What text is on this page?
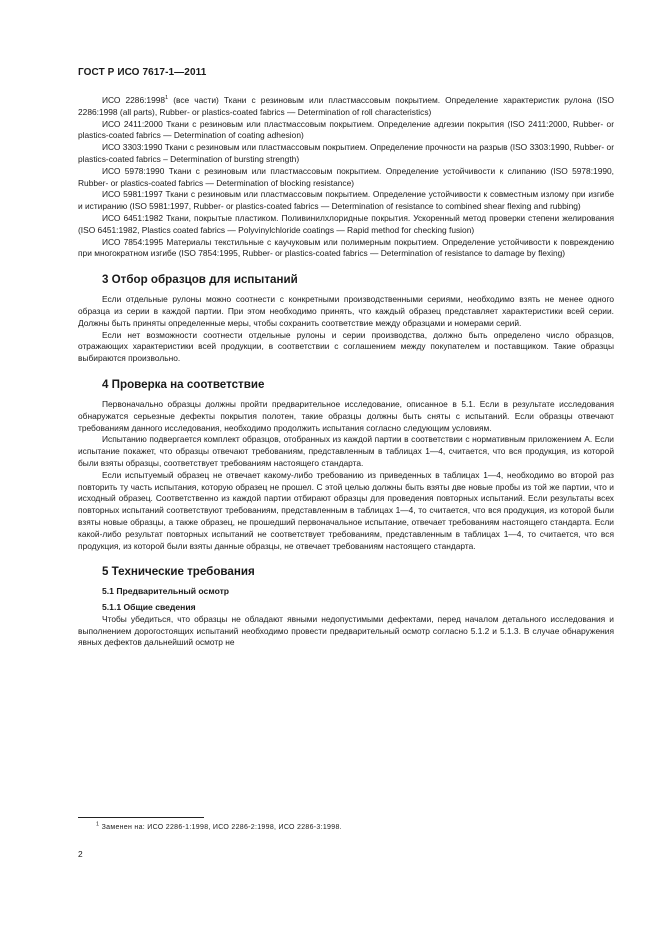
ГОСТ Р ИСО 7617-1—2011

ИСО 2286:1998$^1$ (все части) Ткани с резиновым или пластмассовым покрытием. Определение характеристик рулона (ISO 2286:1998 (all parts), Rubber- or plastics-coated fabrics — Determination of roll characteristics)

ИСО 2411:2000 Ткани с резиновым или пластмассовым покрытием. Определение адгезии покрытия (ISO 2411:2000, Rubber- or plastics-coated fabrics — Determination of coating adhesion)

ИСО 3303:1990 Ткани с резиновым или пластмассовым покрытием. Определение прочности на разрыв (ISO 3303:1990, Rubber- or plastics-coated fabrics – Determination of bursting strength)

ИСО 5978:1990 Ткани с резиновым или пластмассовым покрытием. Определение устойчивости к слипанию (ISO 5978:1990, Rubber- or plastics-coated fabrics — Determination of blocking resistance)

ИСО 5981:1997 Ткани с резиновым или пластмассовым покрытием. Определение устойчивости к совместным излому при изгибе и истиранию (ISO 5981:1997, Rubber- or plastics-coated fabrics — Determination of resistance to combined shear flexing and rubbing)

ИСО 6451:1982 Ткани, покрытые пластиком. Поливинилхлоридные покрытия. Ускоренный метод проверки степени желирования (ISO 6451:1982, Plastics coated fabrics — Polyvinylchloride coatings — Rapid method for checking fusion)

ИСО 7854:1995 Материалы текстильные с каучуковым или полимерным покрытием. Определение устойчивости к повреждению при многократном изгибе (ISO 7854:1995, Rubber- or plastics-coated fabrics — Determination of resistance to damage by flexing)

3 Отбор образцов для испытаний

Если отдельные рулоны можно соотнести с конкретными производственными сериями, необходимо взять не менее одного образца из серии в каждой партии. При этом необходимо принять, что каждый образец представляет характеристики всей серии. Должны быть приняты определенные меры, чтобы сохранить соответствие между образцами и номерами серий.

Если нет возможности соотнести отдельные рулоны и серии производства, должно быть определено число образцов, отражающих характеристики всей продукции, в соответствии с соглашением между покупателем и поставщиком. Такие образцы выбираются произвольно.

4 Проверка на соответствие

Первоначально образцы должны пройти предварительное исследование, описанное в 5.1. Если в результате исследования обнаружатся серьезные дефекты покрытия полотен, такие образцы должны быть сняты с испытаний. Если образцы отвечают требованиям данного исследования, необходимо продолжить испытания согласно следующим условиям.

Испытанию подвергается комплект образцов, отобранных из каждой партии в соответствии с нормативным приложением А. Если испытание покажет, что образцы отвечают требованиям, представленным в таблицах 1—4, считается, что вся продукция, из которой были взяты образцы, соответствует требованиям настоящего стандарта.

Если испытуемый образец не отвечает какому-либо требованию из приведенных в таблицах 1—4, необходимо во второй раз повторить ту часть испытания, которую образец не прошел. С этой целью должны быть взяты две новые пробы из той же партии, что и исходный образец. Соответственно из каждой партии отбирают образцы для проведения повторных испытаний. Если результаты всех повторных испытаний соответствуют требованиям, представленным в таблицах 1—4, то считается, что вся продукция, из которой были взяты новые образцы, а также образец, не прошедший первоначальное испытание, отвечает требованиям настоящего стандарта. Если какой-либо результат повторных испытаний не соответствует требованиям, представленным в таблицах 1—4, то считается, что вся продукция, из которой были взяты данные образцы, не отвечает требованиям настоящего стандарта.

5 Технические требования

5.1 Предварительный осмотр

5.1.1 Общие сведения

Чтобы убедиться, что образцы не обладают явными недопустимыми дефектами, перед началом детального исследования и выполнением дорогостоящих испытаний необходимо провести предварительный осмотр согласно 5.1.2 и 5.1.3. В случае обнаружения явных дефектов дальнейший осмотр не

$^1$ Заменен на: ИСО 2286-1:1998, ИСО 2286-2:1998, ИСО 2286-3:1998.
2
